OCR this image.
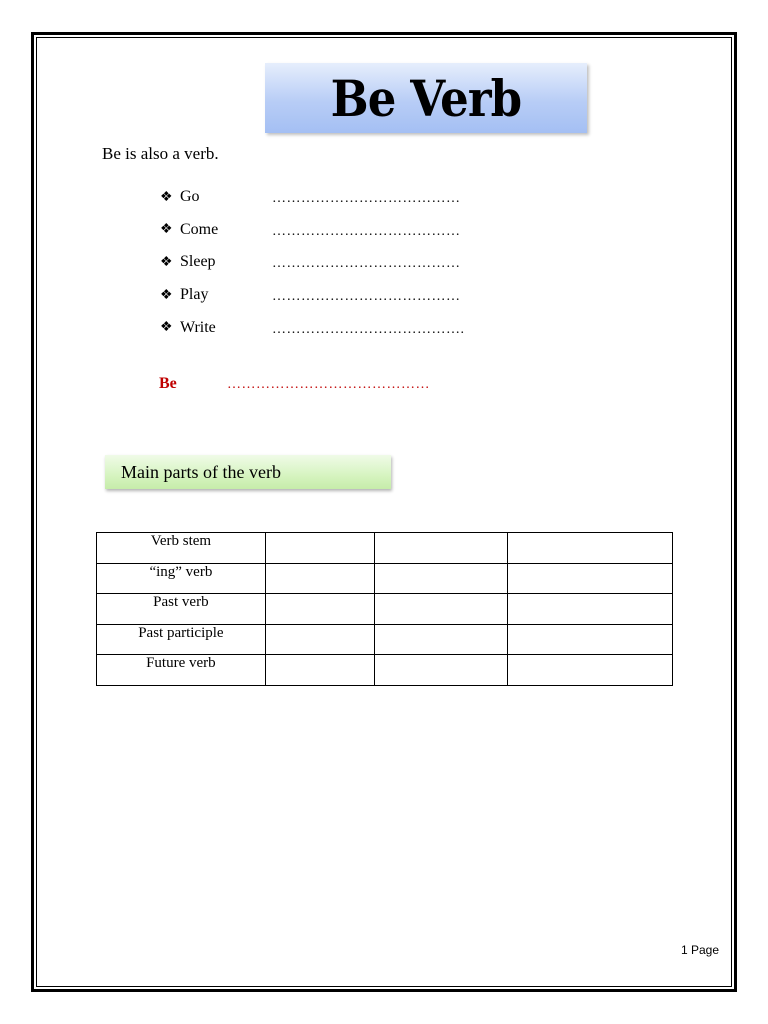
Be Verb
Be is also a verb.
❖ Go	…………………………………
❖ Come	…………………………………
❖ Sleep	…………………………………
❖ Play	…………………………………
❖ Write	………………………………….
Be	……………………………………
Main parts of the verb
Verb stem			
“ing” verb			
Past verb			
Past participle			
Future verb			
1 Page
